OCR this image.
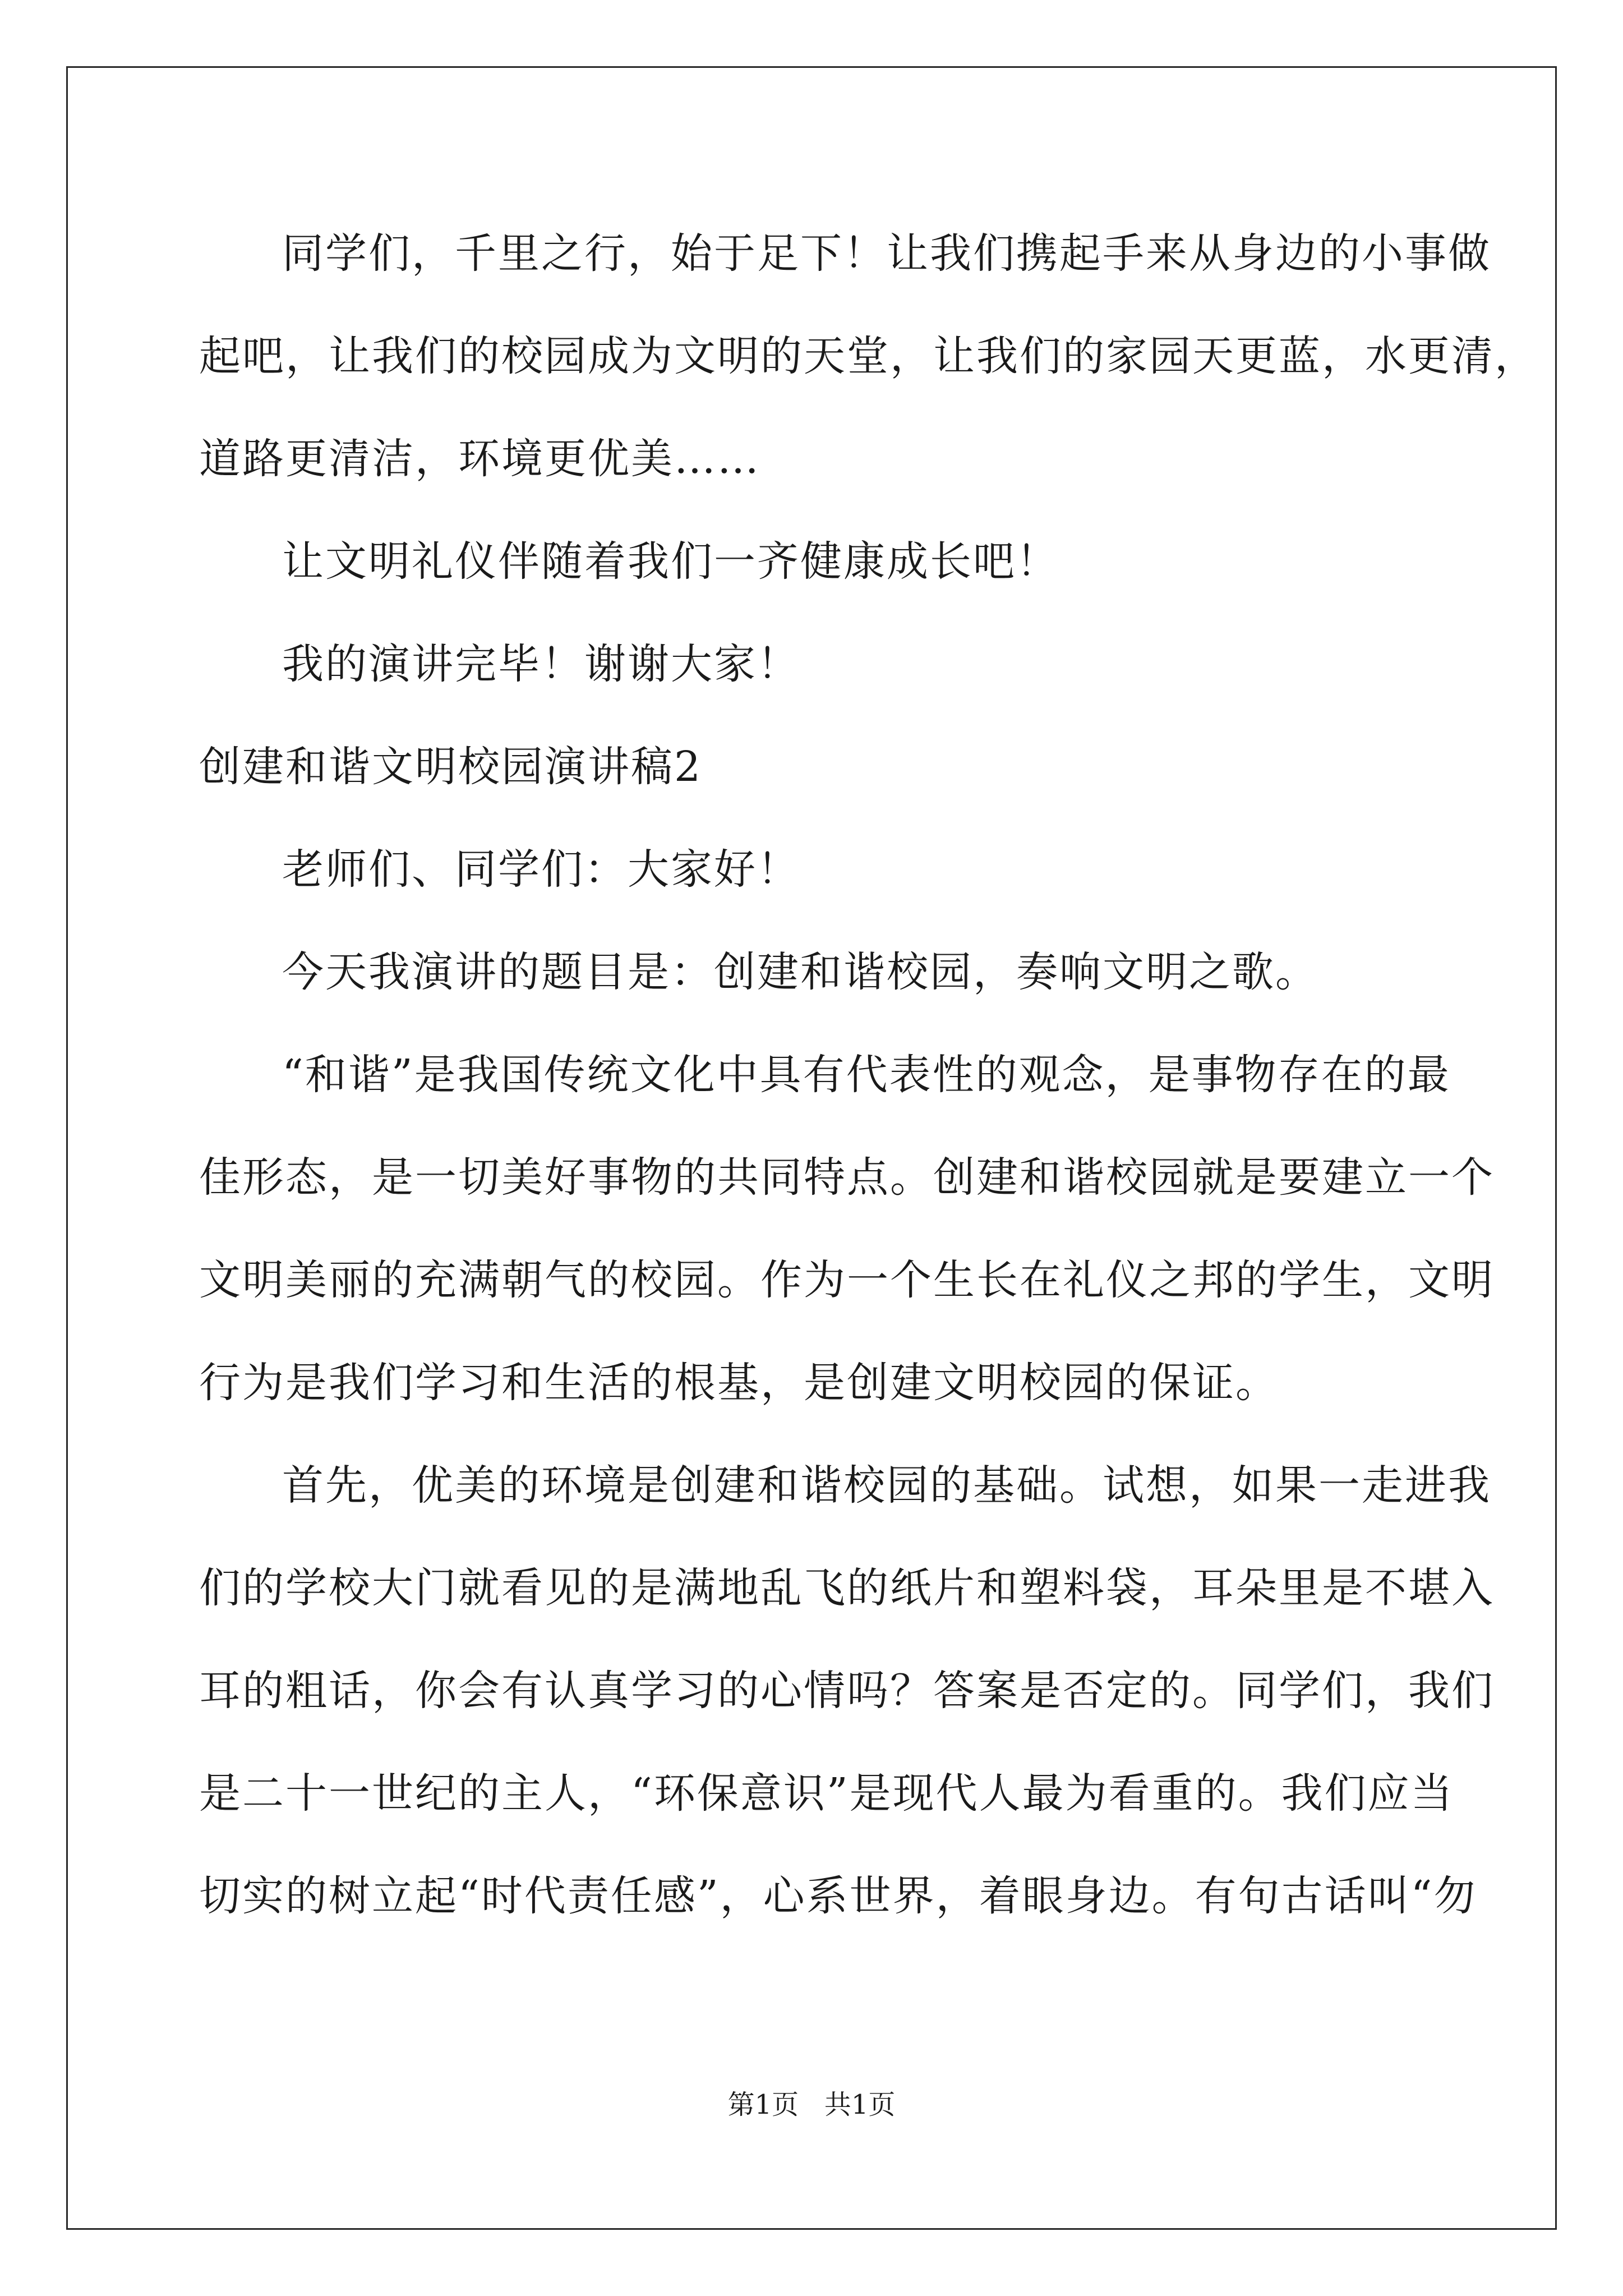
同学们，千里之行，始于足下！让我们携起手来从身边的小事做
起吧，让我们的校园成为文明的天堂，让我们的家园天更蓝，水更清，
道路更清洁，环境更优美……
让文明礼仪伴随着我们一齐健康成长吧！
我的演讲完毕！谢谢大家！
创建和谐文明校园演讲稿2
老师们、同学们：大家好！
今天我演讲的题目是：创建和谐校园，奏响文明之歌。
“和谐”是我国传统文化中具有代表性的观念，是事物存在的最
佳形态，是一切美好事物的共同特点。创建和谐校园就是要建立一个
文明美丽的充满朝气的校园。作为一个生长在礼仪之邦的学生，文明
行为是我们学习和生活的根基，是创建文明校园的保证。
首先，优美的环境是创建和谐校园的基础。试想，如果一走进我
们的学校大门就看见的是满地乱飞的纸片和塑料袋，耳朵里是不堪入
耳的粗话，你会有认真学习的心情吗？答案是否定的。同学们，我们
是二十一世纪的主人，“环保意识”是现代人最为看重的。我们应当
切实的树立起“时代责任感”，心系世界，着眼身边。有句古话叫“勿
第1页   共1页
